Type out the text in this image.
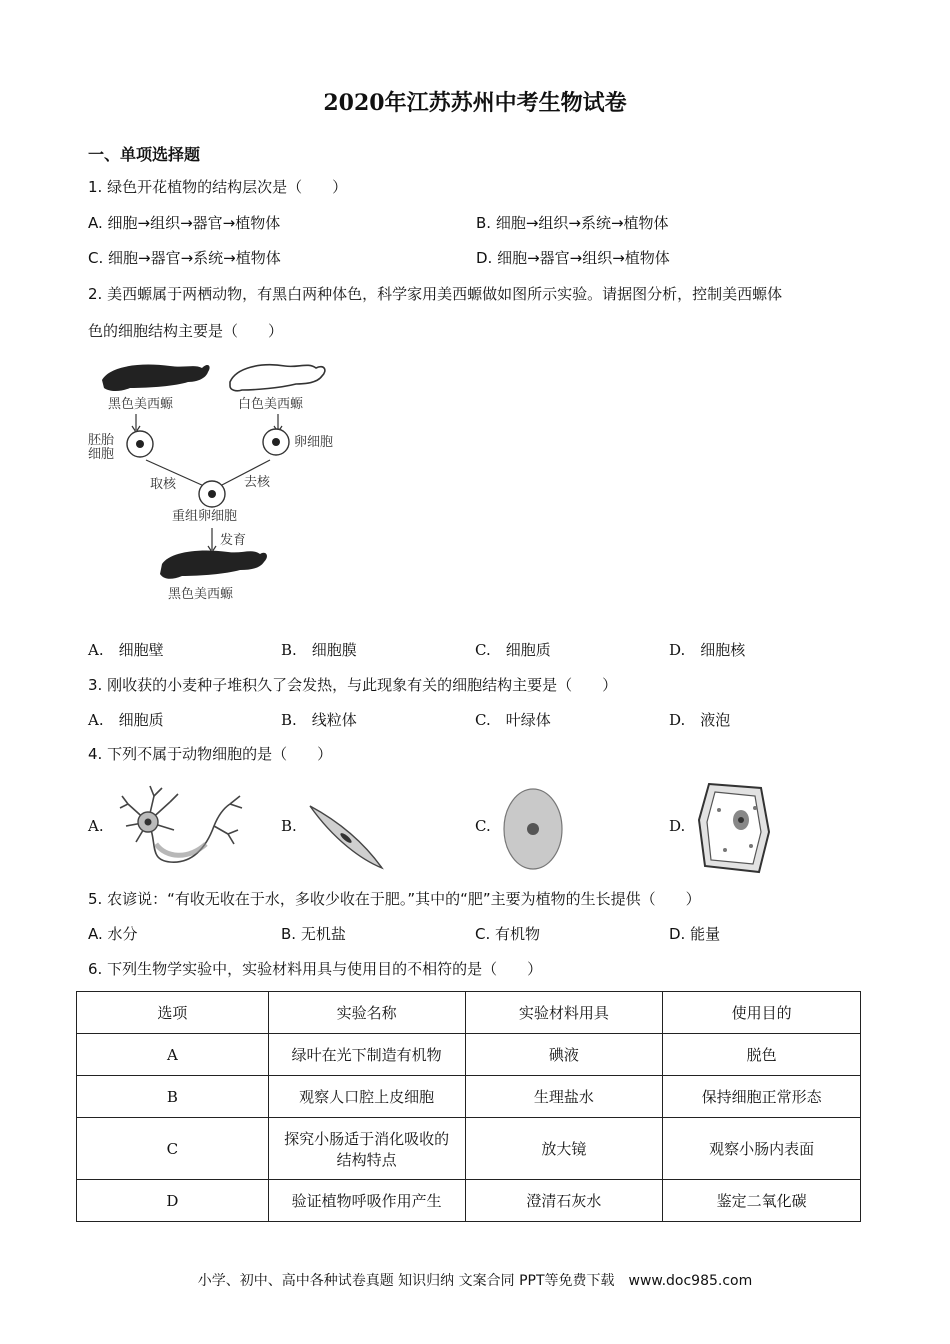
2020年江苏苏州中考生物试卷
一、单项选择题
1. 绿色开花植物的结构层次是（　　）
A. 细胞→组织→器官→植物体	B. 细胞→组织→系统→植物体
C. 细胞→器官→系统→植物体	D. 细胞→器官→组织→植物体
2. 美西螈属于两栖动物，有黑白两种体色，科学家用美西螈做如图所示实验。请据图分析，控制美西螈体
色的细胞结构主要是（　　）
黑色美西螈	白色美西螈
胚胎
细胞
卵细胞
取核	去核
重组卵细胞
发育
黑色美西螈
A.　细胞壁	B.　细胞膜	C.　细胞质	D.　细胞核
3. 刚收获的小麦种子堆积久了会发热，与此现象有关的细胞结构主要是（　　）
A.　细胞质	B.　线粒体	C.　叶绿体	D.　液泡
4. 下列不属于动物细胞的是（　　）
A.	B.	C.	D.
5. 农谚说：“有收无收在于水，多收少收在于肥。”其中的“肥”主要为植物的生长提供（　　）
A. 水分	B. 无机盐	C. 有机物	D. 能量
6. 下列生物学实验中，实验材料用具与使用目的不相符的是（　　）
选项	实验名称	实验材料用具	使用目的
A	绿叶在光下制造有机物	碘液	脱色
B	观察人口腔上皮细胞	生理盐水	保持细胞正常形态
C	探究小肠适于消化吸收的结构特点	放大镜	观察小肠内表面
D	验证植物呼吸作用产生	澄清石灰水	鉴定二氧化碳
小学、初中、高中各种试卷真题 知识归纳 文案合同 PPT等免费下载　www.doc985.com
